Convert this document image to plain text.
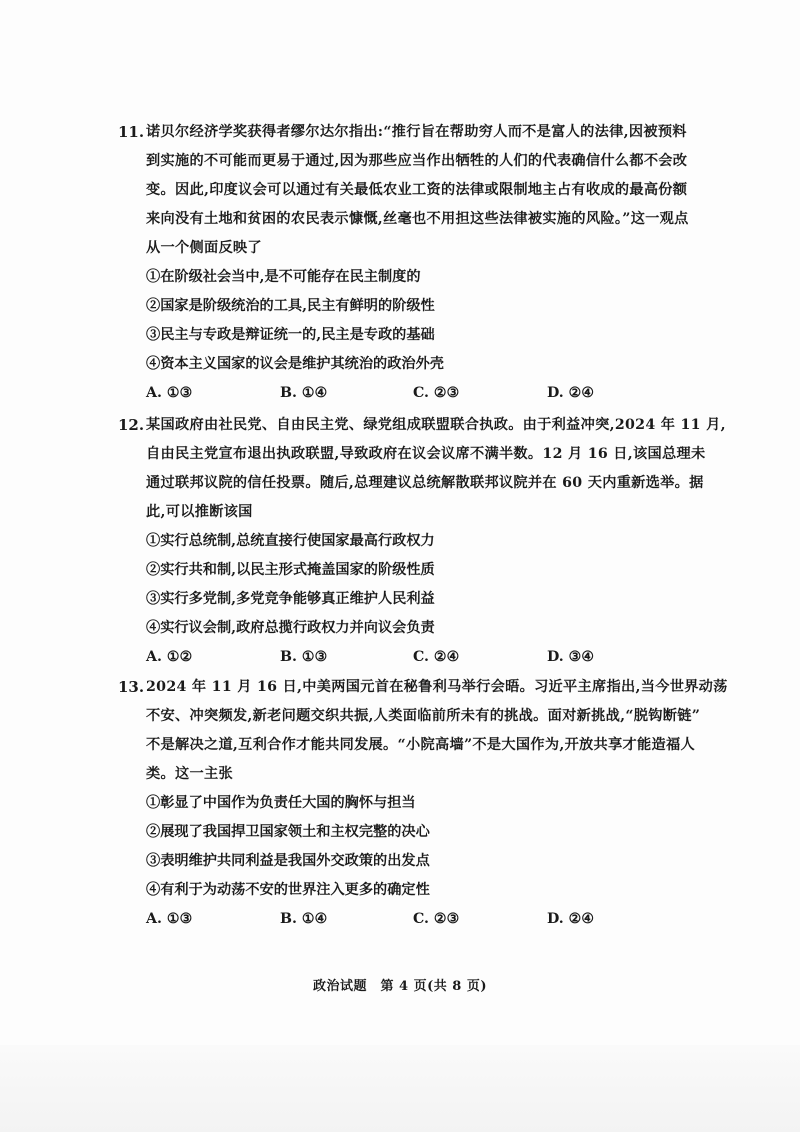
11. 诺贝尔经济学奖获得者缪尔达尔指出:“推行旨在帮助穷人而不是富人的法律,因被预料
到实施的不可能而更易于通过,因为那些应当作出牺牲的人们的代表确信什么都不会改
变。因此,印度议会可以通过有关最低农业工资的法律或限制地主占有收成的最高份额
来向没有土地和贫困的农民表示慷慨,丝毫也不用担这些法律被实施的风险。”这一观点
从一个侧面反映了
①在阶级社会当中,是不可能存在民主制度的
②国家是阶级统治的工具,民主有鲜明的阶级性
③民主与专政是辩证统一的,民主是专政的基础
④资本主义国家的议会是维护其统治的政治外壳
A. ①③	B. ①④	C. ②③	D. ②④
12. 某国政府由社民党、自由民主党、绿党组成联盟联合执政。由于利益冲突,2024 年 11 月,
自由民主党宣布退出执政联盟,导致政府在议会议席不满半数。12 月 16 日,该国总理未
通过联邦议院的信任投票。随后,总理建议总统解散联邦议院并在 60 天内重新选举。据
此,可以推断该国
①实行总统制,总统直接行使国家最高行政权力
②实行共和制,以民主形式掩盖国家的阶级性质
③实行多党制,多党竞争能够真正维护人民利益
④实行议会制,政府总揽行政权力并向议会负责
A. ①②	B. ①③	C. ②④	D. ③④
13. 2024 年 11 月 16 日,中美两国元首在秘鲁利马举行会晤。习近平主席指出,当今世界动荡
不安、冲突频发,新老问题交织共振,人类面临前所未有的挑战。面对新挑战,“脱钩断链”
不是解决之道,互利合作才能共同发展。“小院高墙”不是大国作为,开放共享才能造福人
类。这一主张
①彰显了中国作为负责任大国的胸怀与担当
②展现了我国捍卫国家领土和主权完整的决心
③表明维护共同利益是我国外交政策的出发点
④有利于为动荡不安的世界注入更多的确定性
A. ①③	B. ①④	C. ②③	D. ②④
政治试题　第 4 页(共 8 页)
